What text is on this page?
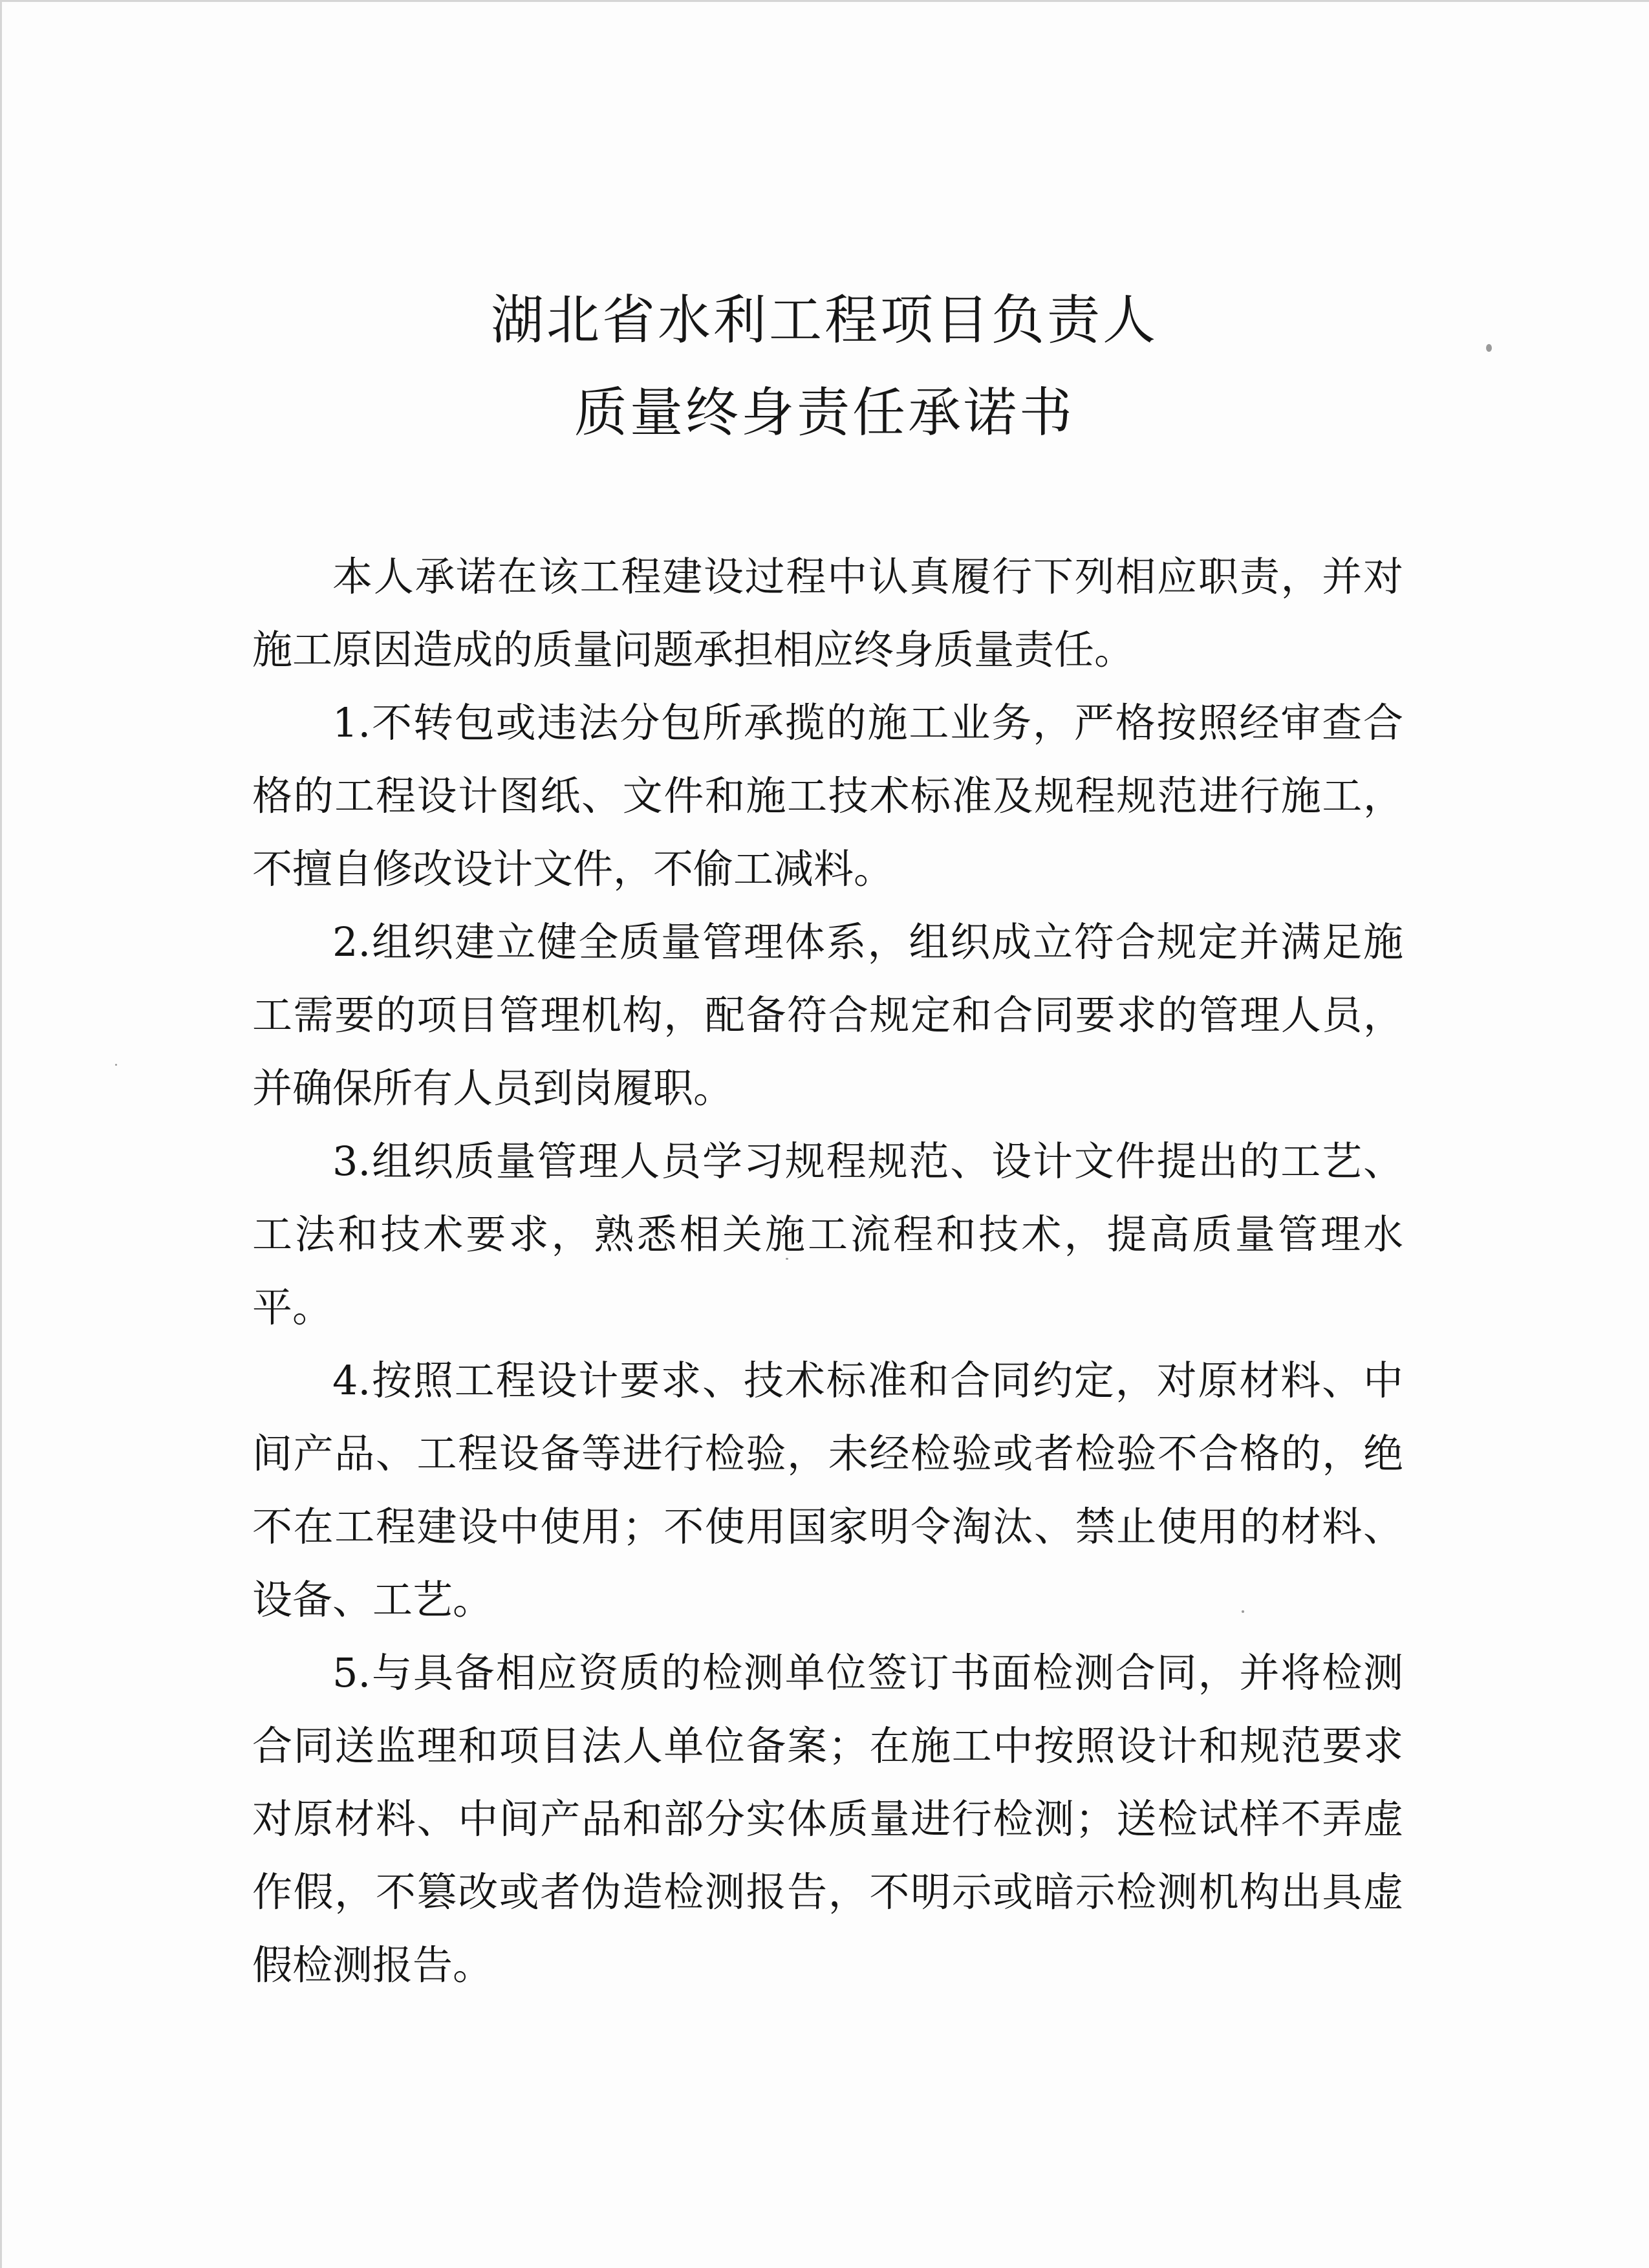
湖北省水利工程项目负责人
质量终身责任承诺书

本人承诺在该工程建设过程中认真履行下列相应职责，并对施工原因造成的质量问题承担相应终身质量责任。

1.不转包或违法分包所承揽的施工业务，严格按照经审查合格的工程设计图纸、文件和施工技术标准及规程规范进行施工，不擅自修改设计文件，不偷工减料。

2.组织建立健全质量管理体系，组织成立符合规定并满足施工需要的项目管理机构，配备符合规定和合同要求的管理人员，并确保所有人员到岗履职。

3.组织质量管理人员学习规程规范、设计文件提出的工艺、工法和技术要求，熟悉相关施工流程和技术，提高质量管理水平。

4.按照工程设计要求、技术标准和合同约定，对原材料、中间产品、工程设备等进行检验，未经检验或者检验不合格的，绝不在工程建设中使用；不使用国家明令淘汰、禁止使用的材料、设备、工艺。

5.与具备相应资质的检测单位签订书面检测合同，并将检测合同送监理和项目法人单位备案；在施工中按照设计和规范要求对原材料、中间产品和部分实体质量进行检测；送检试样不弄虚作假，不篡改或者伪造检测报告，不明示或暗示检测机构出具虚假检测报告。
